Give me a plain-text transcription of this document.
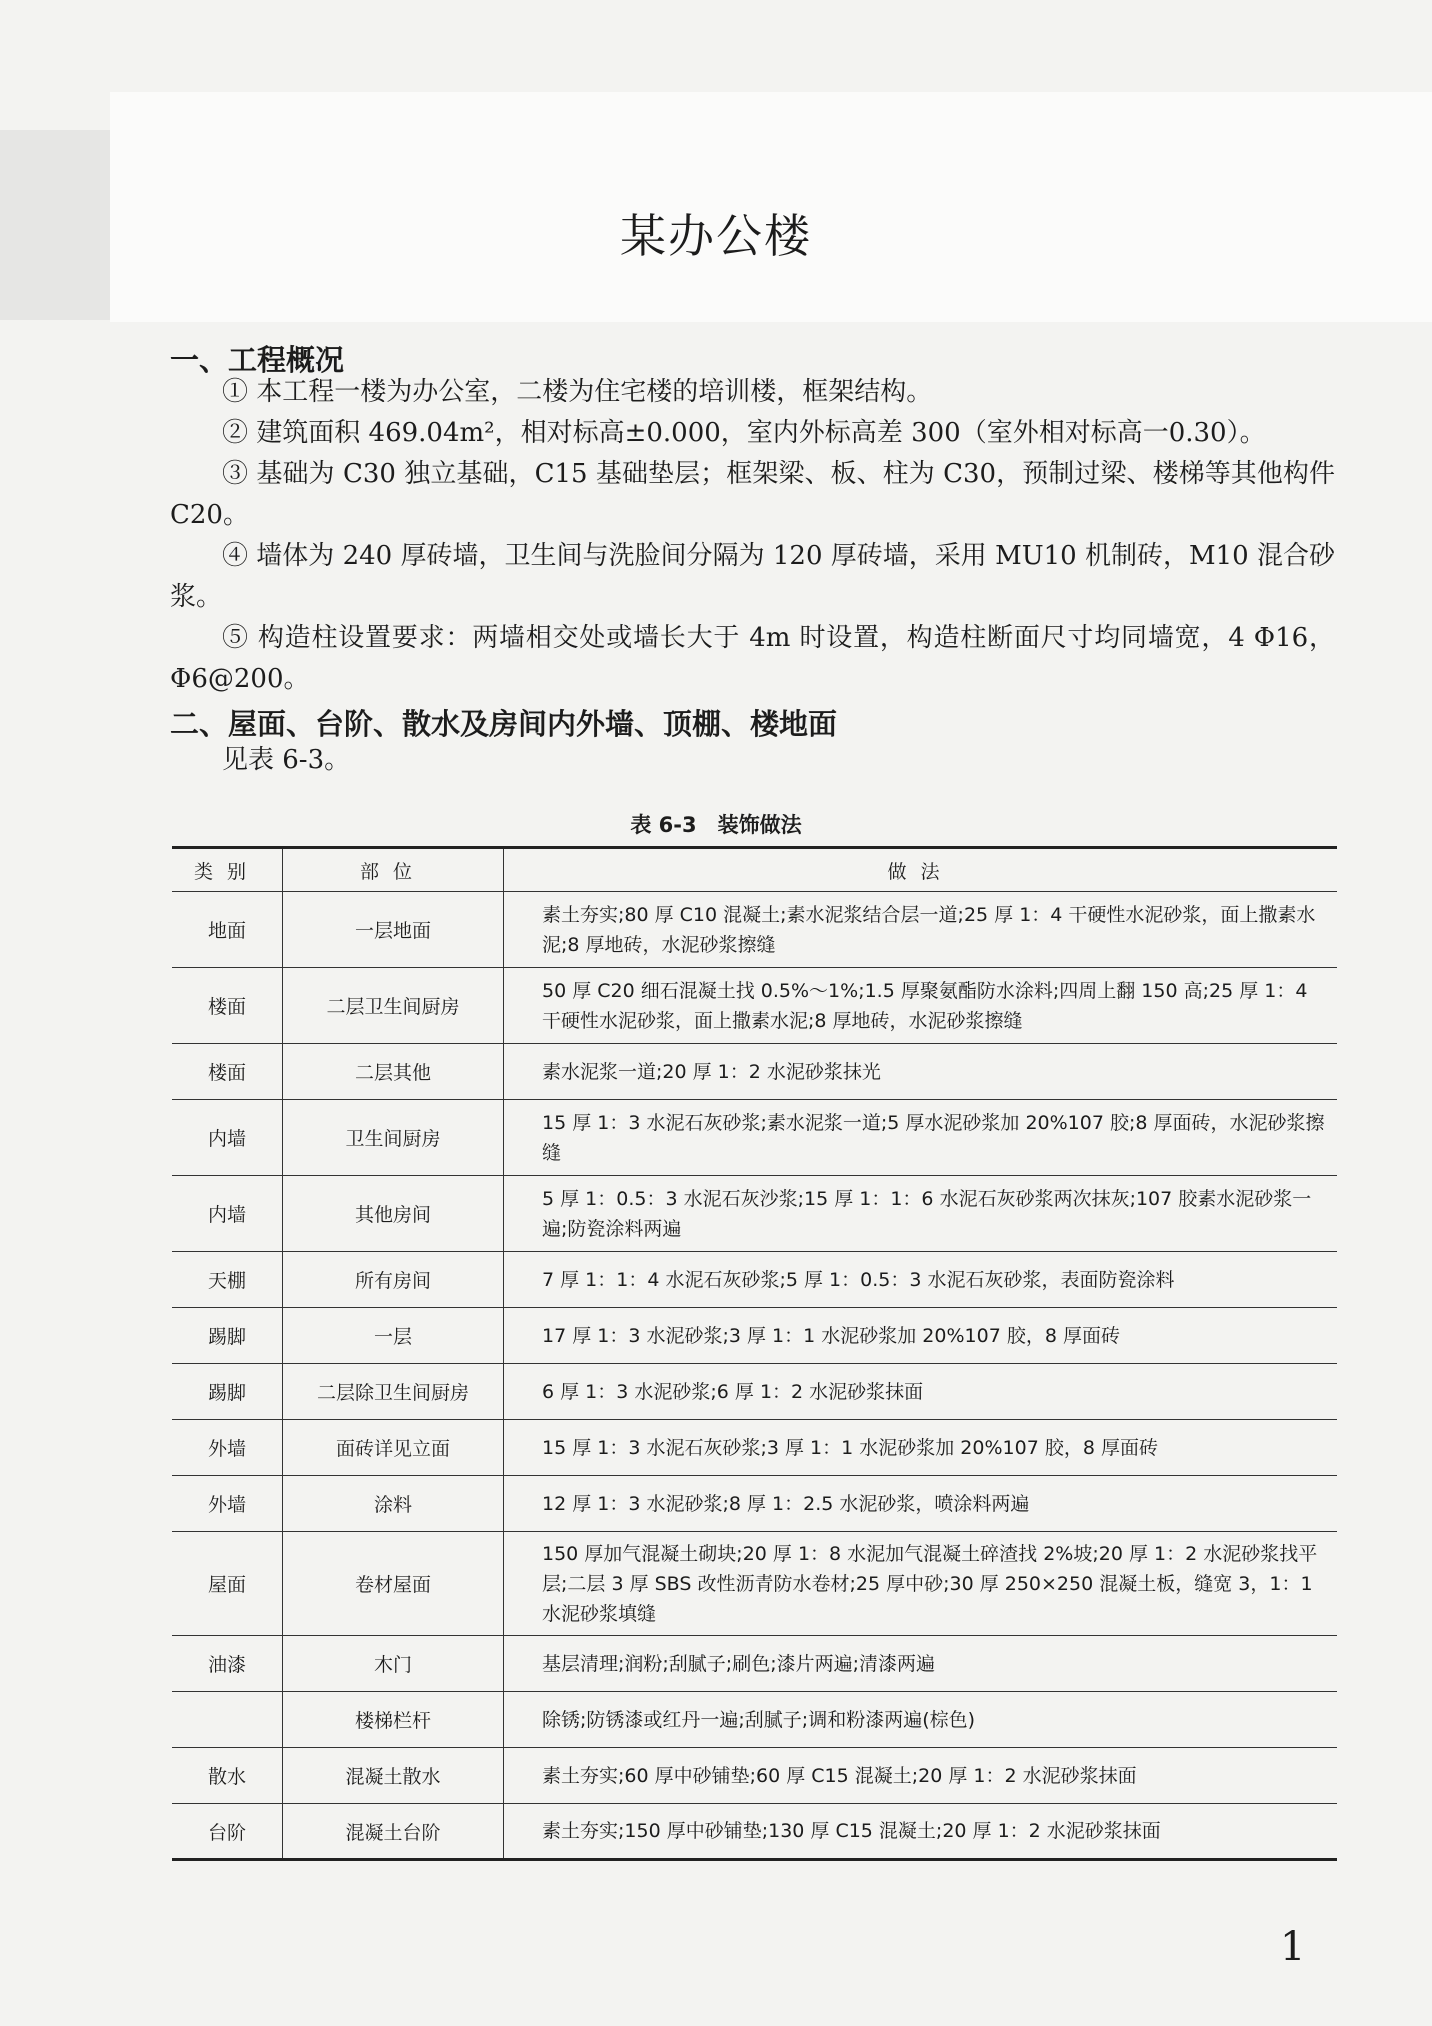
某办公楼
一、工程概况
① 本工程一楼为办公室，二楼为住宅楼的培训楼，框架结构。
② 建筑面积 469.04m²，相对标高±0.000，室内外标高差 300（室外相对标高一0.30）。
③ 基础为 C30 独立基础，C15 基础垫层；框架梁、板、柱为 C30，预制过梁、楼梯等其他构件 C20。
④ 墙体为 240 厚砖墙，卫生间与洗脸间分隔为 120 厚砖墙，采用 MU10 机制砖，M10 混合砂浆。
⑤ 构造柱设置要求：两墙相交处或墙长大于 4m 时设置，构造柱断面尺寸均同墙宽，4 Φ16，Φ6@200。
二、屋面、台阶、散水及房间内外墙、顶棚、楼地面
见表 6-3。
表 6-3　装饰做法
类别	部位	做法
地面	一层地面	素土夯实;80 厚 C10 混凝土;素水泥浆结合层一道;25 厚 1：4 干硬性水泥砂浆，面上撒素水泥;8 厚地砖，水泥砂浆擦缝
楼面	二层卫生间厨房	50 厚 C20 细石混凝土找 0.5%～1%;1.5 厚聚氨酯防水涂料;四周上翻 150 高;25 厚 1：4 干硬性水泥砂浆，面上撒素水泥;8 厚地砖，水泥砂浆擦缝
楼面	二层其他	素水泥浆一道;20 厚 1：2 水泥砂浆抹光
内墙	卫生间厨房	15 厚 1：3 水泥石灰砂浆;素水泥浆一道;5 厚水泥砂浆加 20%107 胶;8 厚面砖，水泥砂浆擦缝
内墙	其他房间	5 厚 1：0.5：3 水泥石灰沙浆;15 厚 1：1：6 水泥石灰砂浆两次抹灰;107 胶素水泥砂浆一遍;防瓷涂料两遍
天棚	所有房间	7 厚 1：1：4 水泥石灰砂浆;5 厚 1：0.5：3 水泥石灰砂浆，表面防瓷涂料
踢脚	一层	17 厚 1：3 水泥砂浆;3 厚 1：1 水泥砂浆加 20%107 胶，8 厚面砖
踢脚	二层除卫生间厨房	6 厚 1：3 水泥砂浆;6 厚 1：2 水泥砂浆抹面
外墙	面砖详见立面	15 厚 1：3 水泥石灰砂浆;3 厚 1：1 水泥砂浆加 20%107 胶，8 厚面砖
外墙	涂料	12 厚 1：3 水泥砂浆;8 厚 1：2.5 水泥砂浆，喷涂料两遍
屋面	卷材屋面	150 厚加气混凝土砌块;20 厚 1：8 水泥加气混凝土碎渣找 2%坡;20 厚 1：2 水泥砂浆找平层;二层 3 厚 SBS 改性沥青防水卷材;25 厚中砂;30 厚 250×250 混凝土板，缝宽 3，1：1 水泥砂浆填缝
油漆	木门	基层清理;润粉;刮腻子;刷色;漆片两遍;清漆两遍
	楼梯栏杆	除锈;防锈漆或红丹一遍;刮腻子;调和粉漆两遍(棕色)
散水	混凝土散水	素土夯实;60 厚中砂铺垫;60 厚 C15 混凝土;20 厚 1：2 水泥砂浆抹面
台阶	混凝土台阶	素土夯实;150 厚中砂铺垫;130 厚 C15 混凝土;20 厚 1：2 水泥砂浆抹面
1
